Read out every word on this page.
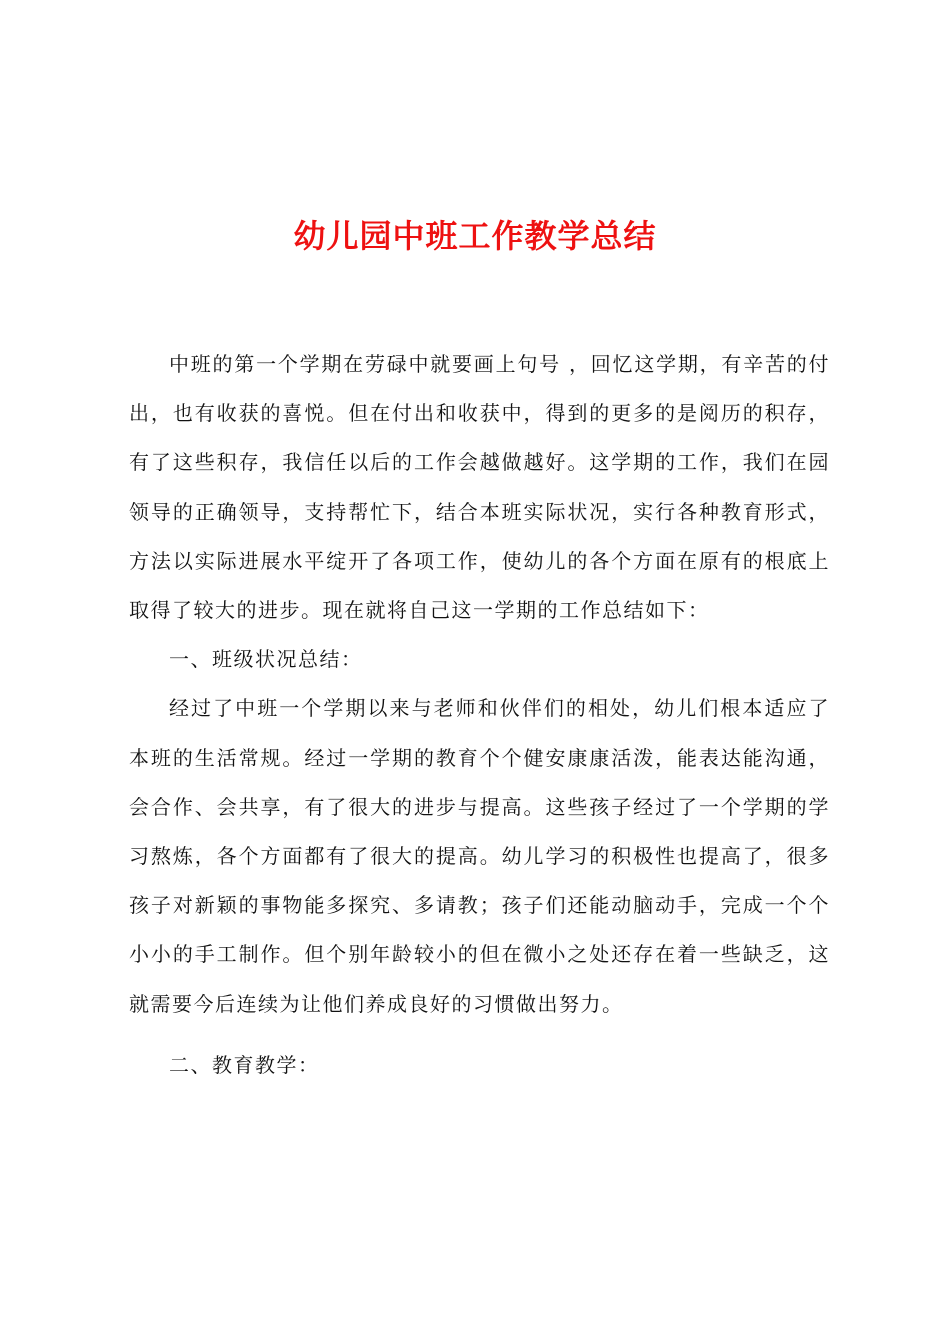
幼儿园中班工作教学总结

中班的第一个学期在劳碌中就要画上句号 ，回忆这学期，有辛苦的付出，也有收获的喜悦。但在付出和收获中，得到的更多的是阅历的积存，有了这些积存，我信任以后的工作会越做越好。这学期的工作，我们在园领导的正确领导，支持帮忙下，结合本班实际状况，实行各种教育形式，方法以实际进展水平绽开了各项工作，使幼儿的各个方面在原有的根底上取得了较大的进步。现在就将自己这一学期的工作总结如下：

一、班级状况总结：

经过了中班一个学期以来与老师和伙伴们的相处，幼儿们根本适应了本班的生活常规。经过一学期的教育个个健安康康活泼，能表达能沟通，会合作、会共享，有了很大的进步与提高。这些孩子经过了一个学期的学习熬炼，各个方面都有了很大的提高。幼儿学习的积极性也提高了，很多孩子对新颖的事物能多探究、多请教；孩子们还能动脑动手，完成一个个小小的手工制作。但个别年龄较小的但在微小之处还存在着一些缺乏，这就需要今后连续为让他们养成良好的习惯做出努力。

二、教育教学：
